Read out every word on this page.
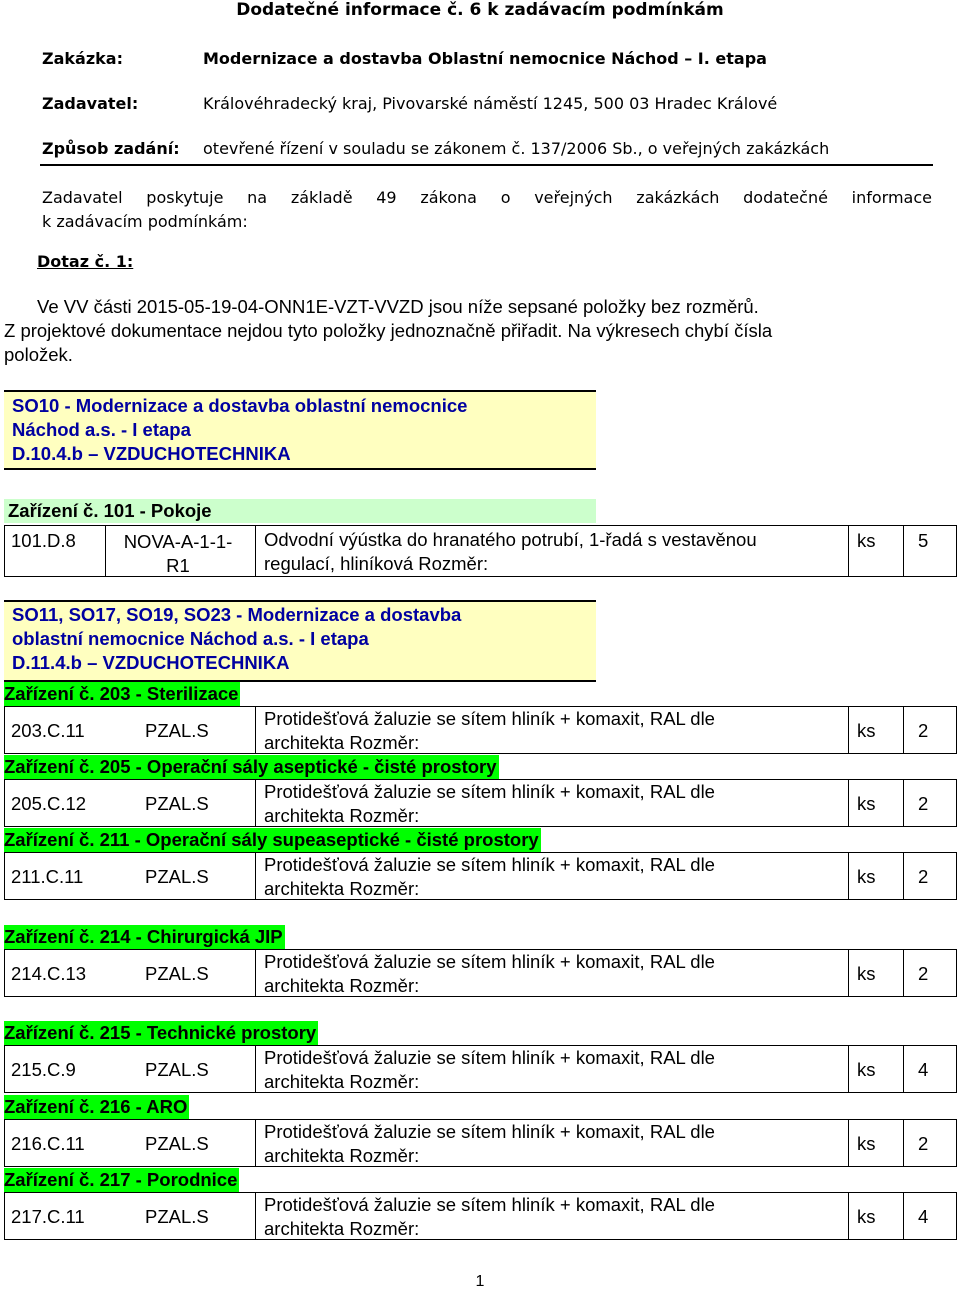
Dodatečné informace č. 6 k zadávacím podmínkám
Zakázka:	Modernizace a dostavba Oblastní nemocnice Náchod – I. etapa
Zadavatel:	Královéhradecký kraj, Pivovarské náměstí 1245, 500 03 Hradec Králové
Způsob zadání: otevřené řízení v souladu se zákonem č. 137/2006 Sb., o veřejných zakázkách
Zadavatel poskytuje na základě 49 zákona o veřejných zakázkách dodatečné informace
k zadávacím podmínkám:
Dotaz č. 1:
Ve VV části 2015-05-19-04-ONN1E-VZT-VVZD jsou níže sepsané položky bez rozměrů.
Z projektové dokumentace nejdou tyto položky jednoznačně přiřadit. Na výkresech chybí čísla
položek.
SO10 - Modernizace a dostavba oblastní nemocnice
Náchod a.s. - I etapa
D.10.4.b – VZDUCHOTECHNIKA
Zařízení č. 101 - Pokoje
101.D.8	NOVA-A-1-1-
R1
Odvodní výústka do hranatého potrubí, 1-řadá s vestavěnou
regulací, hliníková Rozměr:
ks 5
SO11, SO17, SO19, SO23 - Modernizace a dostavba
oblastní nemocnice Náchod a.s. - I etapa
D.11.4.b – VZDUCHOTECHNIKA
Zařízení č. 203 - Sterilizace
203.C.11	PZAL.S
Protidešťová žaluzie se sítem hliník + komaxit, RAL dle
architekta Rozměr:
ks 2
Zařízení č. 205 - Operační sály aseptické - čisté prostory
205.C.12	PZAL.S
Protidešťová žaluzie se sítem hliník + komaxit, RAL dle
architekta Rozměr:
ks 2
Zařízení č. 211 - Operační sály supeaseptické - čisté prostory
211.C.11	PZAL.S
Protidešťová žaluzie se sítem hliník + komaxit, RAL dle
architekta Rozměr:
ks 2
Zařízení č. 214 - Chirurgická JIP
214.C.13	PZAL.S
Protidešťová žaluzie se sítem hliník + komaxit, RAL dle
architekta Rozměr:
ks 2
Zařízení č. 215 - Technické prostory
215.C.9	PZAL.S
Protidešťová žaluzie se sítem hliník + komaxit, RAL dle
architekta Rozměr:
ks 4
Zařízení č. 216 - ARO
216.C.11	PZAL.S
Protidešťová žaluzie se sítem hliník + komaxit, RAL dle
architekta Rozměr:
ks 2
Zařízení č. 217 - Porodnice
217.C.11	PZAL.S
Protidešťová žaluzie se sítem hliník + komaxit, RAL dle
architekta Rozměr:
ks 4
1
